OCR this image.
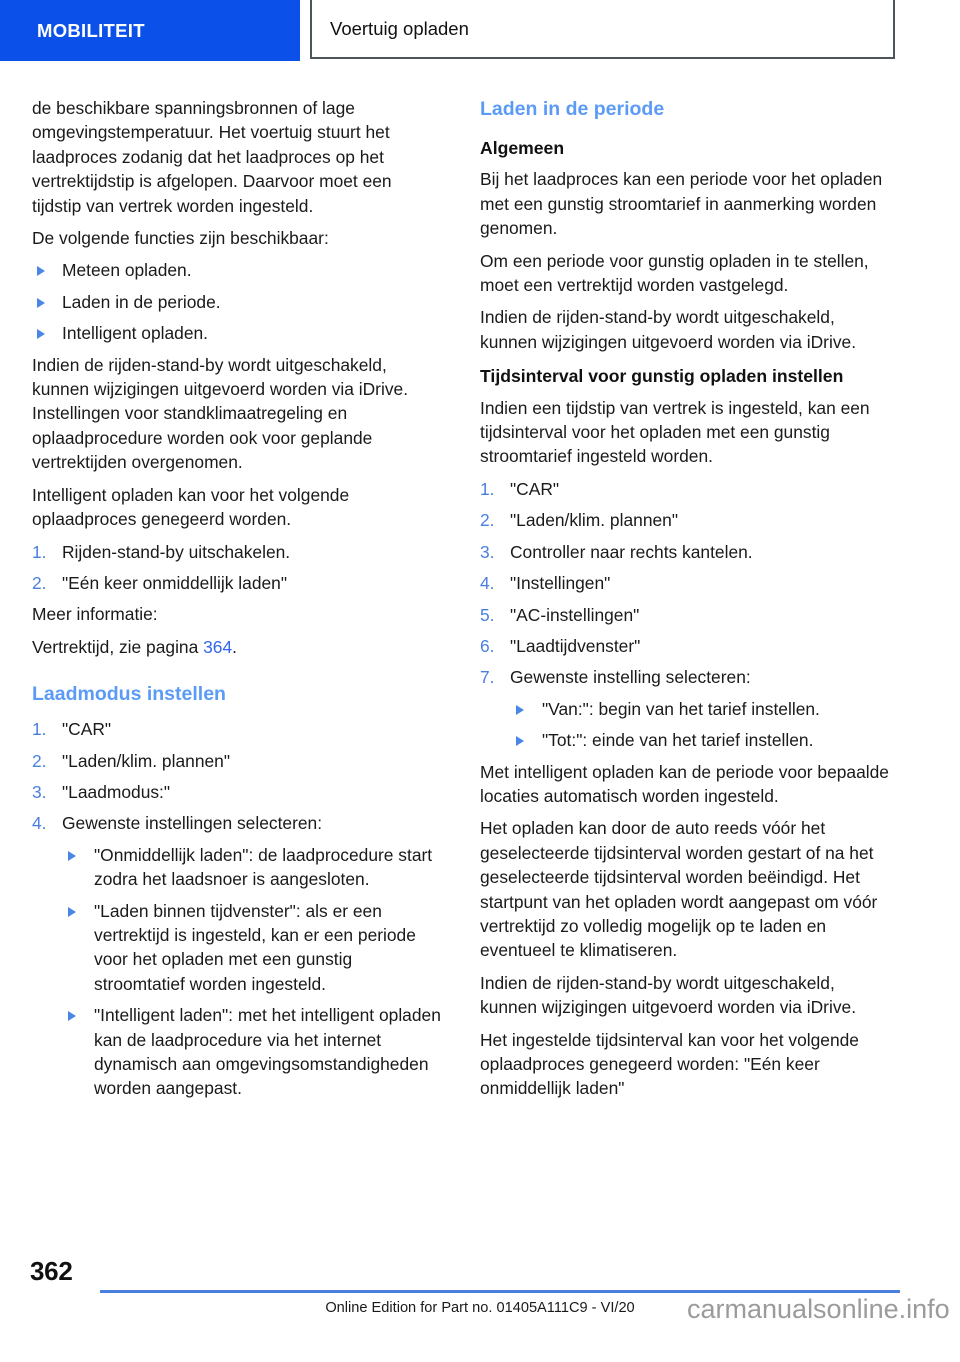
MOBILITEIT	Voertuig opladen

de beschikbare spanningsbronnen of lage omgevingstemperatuur. Het voertuig stuurt het laadproces zodanig dat het laadproces op het vertrektijdstip is afgelopen. Daarvoor moet een tijdstip van vertrek worden ingesteld.

De volgende functies zijn beschikbaar:

Meteen opladen.
Laden in de periode.
Intelligent opladen.

Indien de rijden-stand-by wordt uitgeschakeld, kunnen wijzigingen uitgevoerd worden via iDrive. Instellingen voor standklimaatregeling en oplaadprocedure worden ook voor geplande vertrektijden overgenomen.

Intelligent opladen kan voor het volgende oplaadproces genegeerd worden.

Rijden-stand-by uitschakelen.
"Eén keer onmiddellijk laden"

Meer informatie:

Vertrektijd, zie pagina 364.

Laadmodus instellen
"CAR"
"Laden/klim. plannen"
"Laadmodus:"
Gewenste instellingen selecteren:
"Onmiddellijk laden": de laadprocedure start zodra het laadsnoer is aangesloten.
"Laden binnen tijdvenster": als er een vertrektijd is ingesteld, kan er een periode voor het opladen met een gunstig stroomtatief worden ingesteld.
"Intelligent laden": met het intelligent opladen kan de laadprocedure via het internet dynamisch aan omgevingsomstandigheden worden aangepast.
Laden in de periode
Algemeen

Bij het laadproces kan een periode voor het opladen met een gunstig stroomtarief in aanmerking worden genomen.

Om een periode voor gunstig opladen in te stellen, moet een vertrektijd worden vastgelegd.

Indien de rijden-stand-by wordt uitgeschakeld, kunnen wijzigingen uitgevoerd worden via iDrive.

Tijdsinterval voor gunstig opladen instellen

Indien een tijdstip van vertrek is ingesteld, kan een tijdsinterval voor het opladen met een gunstig stroomtarief ingesteld worden.

"CAR"
"Laden/klim. plannen"
Controller naar rechts kantelen.
"Instellingen"
"AC-instellingen"
"Laadtijdvenster"
Gewenste instelling selecteren:
"Van:": begin van het tarief instellen.
"Tot:": einde van het tarief instellen.

Met intelligent opladen kan de periode voor bepaalde locaties automatisch worden ingesteld.

Het opladen kan door de auto reeds vóór het geselecteerde tijdsinterval worden gestart of na het geselecteerde tijdsinterval worden beëindigd. Het startpunt van het opladen wordt aangepast om vóór vertrektijd zo volledig mogelijk op te laden en eventueel te klimatiseren.

Indien de rijden-stand-by wordt uitgeschakeld, kunnen wijzigingen uitgevoerd worden via iDrive.

Het ingestelde tijdsinterval kan voor het volgende oplaadproces genegeerd worden: "Eén keer onmiddellijk laden"

362
Online Edition for Part no. 01405A111C9 - VI/20	carmanualsonline.info
